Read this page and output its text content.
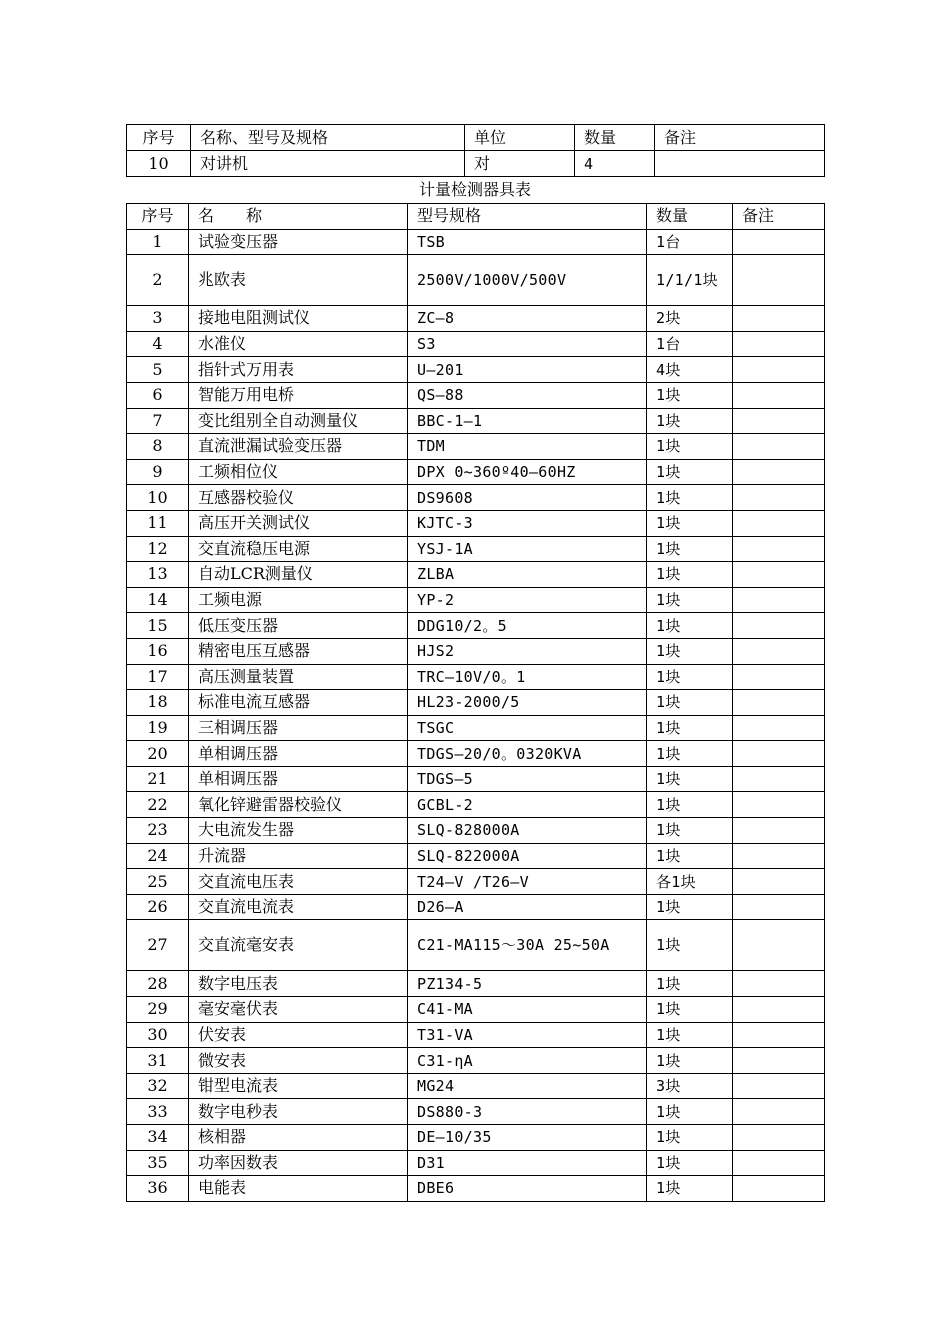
序号	名称、型号及规格	单位	数量	备注
10	对讲机	对	4	
计量检测器具表
序号	名　　称	型号规格	数量	备注
1	试验变压器	TSB	1台	
2	兆欧表	2500V/1000V/500V	1/1/1块	
3	接地电阻测试仪	ZC—8	2块	
4	水准仪	S3	1台	
5	指针式万用表	U—201	4块	
6	智能万用电桥	QS—88	1块	
7	变比组别全自动测量仪	BBC-1—1	1块	
8	直流泄漏试验变压器	TDM	1块	
9	工频相位仪	DPX 0~360º40—60HZ	1块	
10	互感器校验仪	DS9608	1块	
11	高压开关测试仪	KJTC-3	1块	
12	交直流稳压电源	YSJ-1A	1块	
13	自动LCR测量仪	ZLBA	1块	
14	工频电源	YP-2	1块	
15	低压变压器	DDG10/2。5	1块	
16	精密电压互感器	HJS2	1块	
17	高压测量装置	TRC—10V/0。1	1块	
18	标准电流互感器	HL23-2000/5	1块	
19	三相调压器	TSGC	1块	
20	单相调压器	TDGS—20/0。0320KVA	1块	
21	单相调压器	TDGS—5	1块	
22	氧化锌避雷器校验仪	GCBL-2	1块	
23	大电流发生器	SLQ-828000A	1块	
24	升流器	SLQ-822000A	1块	
25	交直流电压表	T24—V /T26—V	各1块	
26	交直流电流表	D26—A	1块	
27	交直流毫安表	C21-MA115～30A 25~50A	1块	
28	数字电压表	PZ134-5	1块	
29	毫安毫伏表	C41-MA	1块	
30	伏安表	T31-VA	1块	
31	微安表	C31-ηA	1块	
32	钳型电流表	MG24	3块	
33	数字电秒表	DS880-3	1块	
34	核相器	DE—10/35	1块	
35	功率因数表	D31	1块	
36	电能表	DBE6	1块	
